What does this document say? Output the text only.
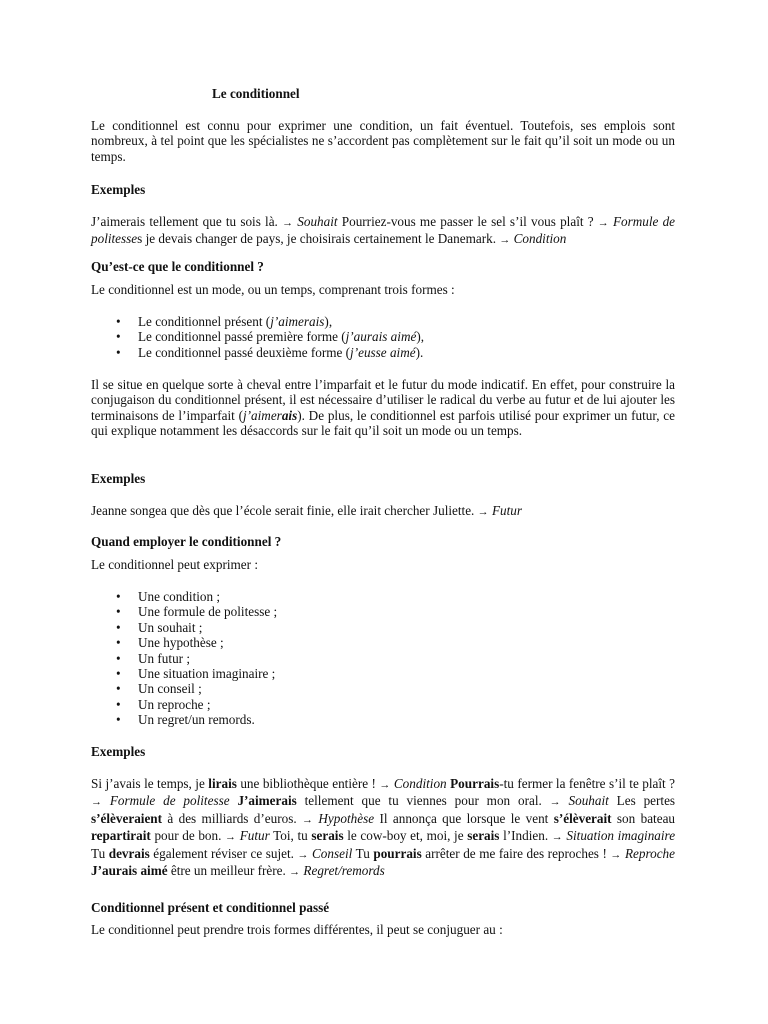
Le conditionnel

Le conditionnel est connu pour exprimer une condition, un fait éventuel. Toutefois, ses emplois sont nombreux, à tel point que les spécialistes ne s’accordent pas complètement sur le fait qu’il soit un mode ou un temps.

Exemples

J’aimerais tellement que tu sois là. → Souhait Pourriez-vous me passer le sel s’il vous plaît ? → Formule de politesses je devais changer de pays, je choisirais certainement le Danemark. → Condition

Qu’est-ce que le conditionnel ?
Le conditionnel est un mode, ou un temps, comprenant trois formes :
• Le conditionnel présent (j’aimerais),
• Le conditionnel passé première forme (j’aurais aimé),
• Le conditionnel passé deuxième forme (j’eusse aimé).

Il se situe en quelque sorte à cheval entre l’imparfait et le futur du mode indicatif. En effet, pour construire la conjugaison du conditionnel présent, il est nécessaire d’utiliser le radical du verbe au futur et de lui ajouter les terminaisons de l’imparfait (j’aimerais). De plus, le conditionnel est parfois utilisé pour exprimer un futur, ce qui explique notamment les désaccords sur le fait qu’il soit un mode ou un temps.

Exemples

Jeanne songea que dès que l’école serait finie, elle irait chercher Juliette. → Futur

Quand employer le conditionnel ?
Le conditionnel peut exprimer :
• Une condition ;
• Une formule de politesse ;
• Un souhait ;
• Une hypothèse ;
• Un futur ;
• Une situation imaginaire ;
• Un conseil ;
• Un reproche ;
• Un regret/un remords.
Exemples

Si j’avais le temps, je lirais une bibliothèque entière ! → Condition Pourrais-tu fermer la fenêtre s’il te plaît ? → Formule de politesse J’aimerais tellement que tu viennes pour mon oral. → Souhait Les pertes s’élèveraient à des milliards d’euros. → Hypothèse Il annonça que lorsque le vent s’élèverait son bateau repartirait pour de bon. → Futur Toi, tu serais le cow-boy et, moi, je serais l’Indien. → Situation imaginaire Tu devrais également réviser ce sujet. → Conseil Tu pourrais arrêter de me faire des reproches ! → Reproche J’aurais aimé être un meilleur frère. → Regret/remords

Conditionnel présent et conditionnel passé
Le conditionnel peut prendre trois formes différentes, il peut se conjuguer au :
